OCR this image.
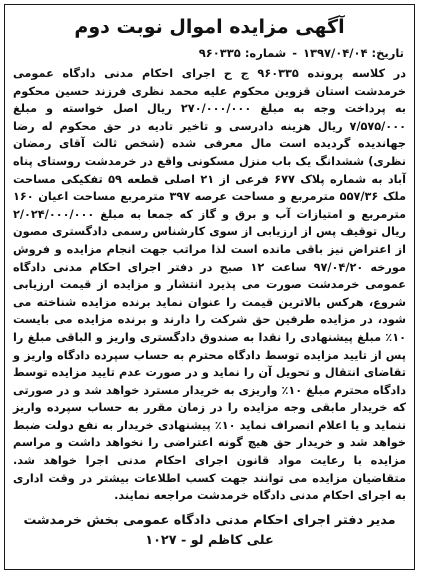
آگهی مزایده اموال نوبت دوم
تاریخ: ۱۳۹۷/۰۴/۰۴
-
شماره: ۹۶۰۳۳۵
در کلاسه پرونده ۹۶۰۳۳۵ ج ح اجرای احکام مدنی دادگاه عمومی خرمدشت استان قزوین محکوم علیه محمد نظری فرزند حسین محکوم به پرداخت وجه به مبلغ ۲۷۰/۰۰۰/۰۰۰ ریال اصل خواسته و مبلغ ۷/۵۷۵/۰۰۰ ریال هزینه دادرسی و تاخیر تادیه در حق محکوم له رضا جهاندیده گردیده است مال معرفی شده (شخص ثالث آقای رمضان نظری) ششدانگ یک باب منزل مسکونی واقع در خرمدشت روستای پناه آباد به شماره پلاک ۶۷۷ فرعی از ۲۱ اصلی قطعه ۵۹ تفکیکی مساحت ملک ۵۵۷/۳۶ مترمربع و مساحت عرصه ۳۹۷ مترمربع مساحت اعیان ۱۶۰ مترمربع و امتیازات آب و برق و گاز که جمعا به مبلغ ۲/۰۲۴/۰۰۰/۰۰۰ ریال توقیف پس از ارزیابی از سوی کارشناس رسمی دادگستری مصون از اعتراض نیز باقی مانده است لذا مراتب جهت انجام مزایده و فروش مورخه ۹۷/۰۴/۲۰ ساعت ۱۲ صبح در دفتر اجرای احکام مدنی دادگاه عمومی خرمدشت صورت می پذیرد انتشار و مزایده از قیمت ارزیابی شروع، هرکس بالاترین قیمت را عنوان نماید برنده مزایده شناخته می شود، در مزایده طرفین حق شرکت را دارند و برنده مزایده می بایست ۱۰٪ مبلغ پیشنهادی را نقدا به صندوق دادگستری واریز و الباقی مبلغ را پس از تایید مزایده توسط دادگاه محترم به حساب سپرده دادگاه واریز و تقاضای انتقال و تحویل آن را نماید و در صورت عدم تایید مزایده توسط دادگاه محترم مبلغ ۱۰٪ واریزی به خریدار مسترد خواهد شد و در صورتی که خریدار مابقی وجه مزایده را در زمان مقرر به حساب سپرده واریز ننماید و یا اعلام انصراف نماید ۱۰٪ پیشنهادی خریدار به نفع دولت ضبط خواهد شد و خریدار حق هیچ گونه اعتراضی را نخواهد داشت و مراسم مزایده با رعایت مواد قانون اجرای احکام مدنی اجرا خواهد شد. متقاضیان مزایده می توانند جهت کسب اطلاعات بیشتر در وقت اداری به اجرای احکام مدنی دادگاه خرمدشت مراجعه نمایند.
مدیر دفتر اجرای احکام مدنی دادگاه عمومی بخش خرمدشت
علی کاظم لو - ۱۰۲۷
